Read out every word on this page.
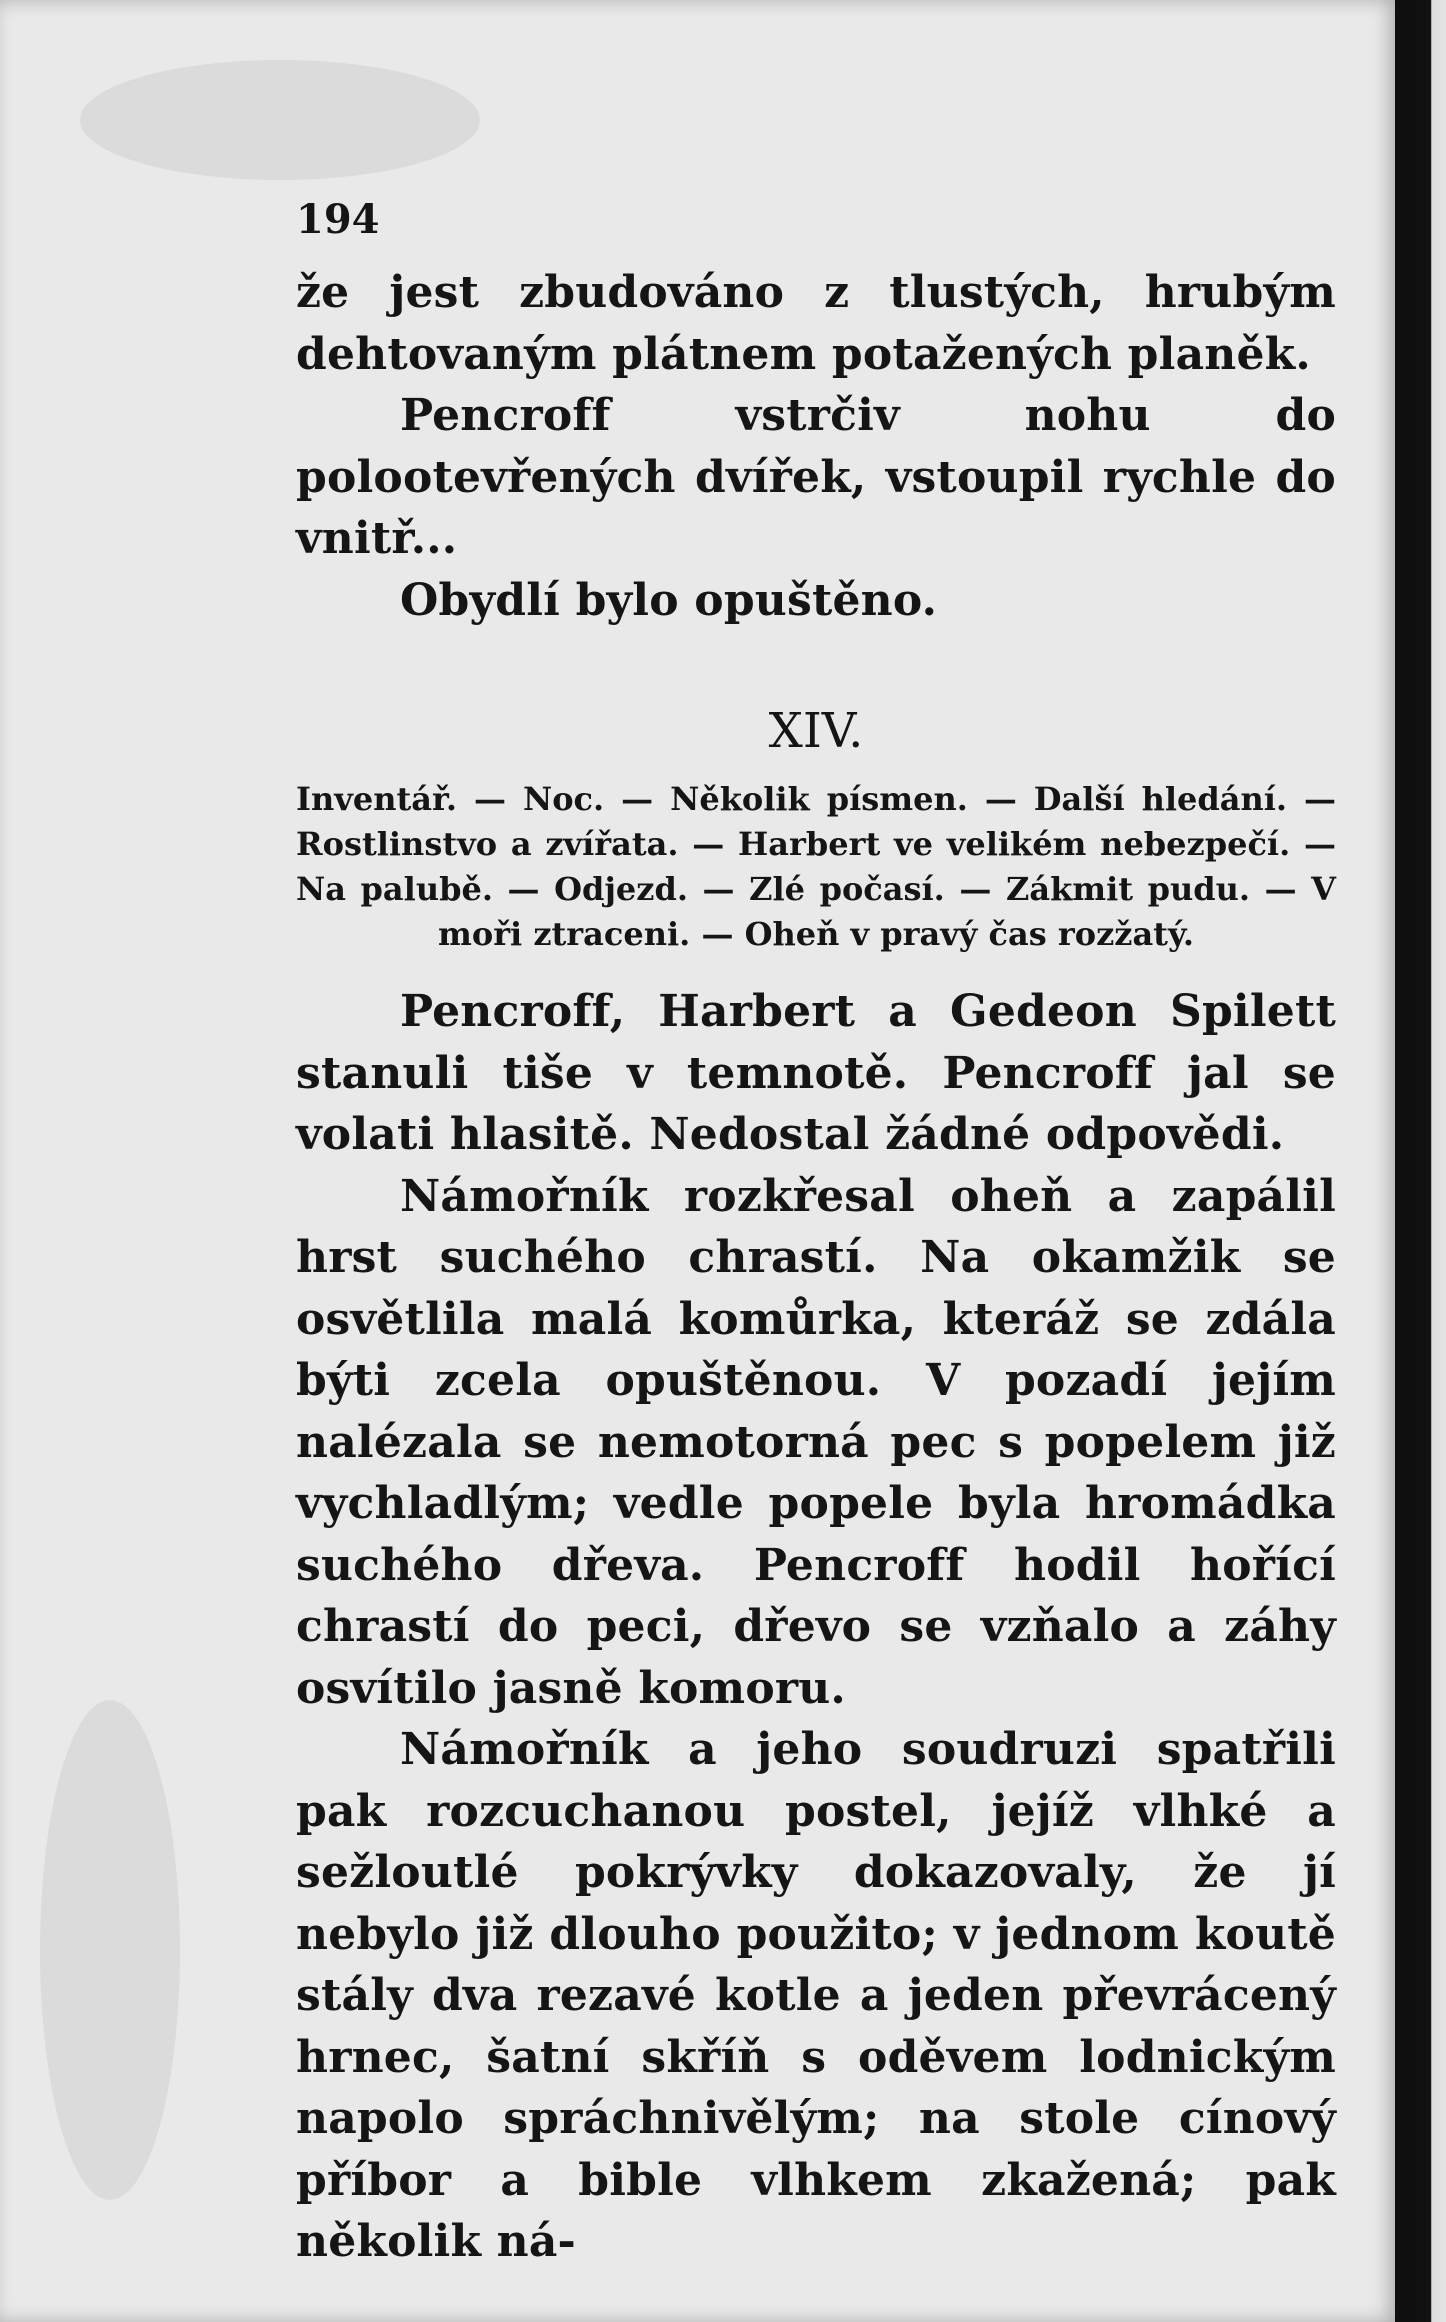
194

že jest zbudováno z tlustých, hrubým dehtovaným plátnem potažených planěk.

Pencroff vstrčiv nohu do polootevřených dvířek, vstoupil rychle do vnitř...

Obydlí bylo opuštěno.

XIV.

Inventář. — Noc. — Několik písmen. — Další hledání. — Rostlinstvo a zvířata. — Harbert ve velikém nebezpečí. — Na palubě. — Odjezd. — Zlé počasí. — Zákmit pudu. — V moři ztraceni. — Oheň v pravý čas rozžatý.

Pencroff, Harbert a Gedeon Spilett stanuli tiše v temnotě. Pencroff jal se volati hlasitě. Nedostal žádné odpovědi.

Námořník rozkřesal oheň a zapálil hrst suchého chrastí. Na okamžik se osvětlila malá komůrka, kteráž se zdála býti zcela opuštěnou. V pozadí jejím nalézala se nemotorná pec s popelem již vychladlým; vedle popele byla hromádka suchého dřeva. Pencroff hodil hořící chrastí do peci, dřevo se vzňalo a záhy osvítilo jasně komoru.

Námořník a jeho soudruzi spatřili pak rozcuchanou postel, jejíž vlhké a sežloutlé pokrývky dokazovaly, že jí nebylo již dlouho použito; v jednom koutě stály dva rezavé kotle a jeden převrácený hrnec, šatní skříň s oděvem lodnickým napolo spráchnivělým; na stole cínový příbor a bible vlhkem zkažená; pak několik ná-
